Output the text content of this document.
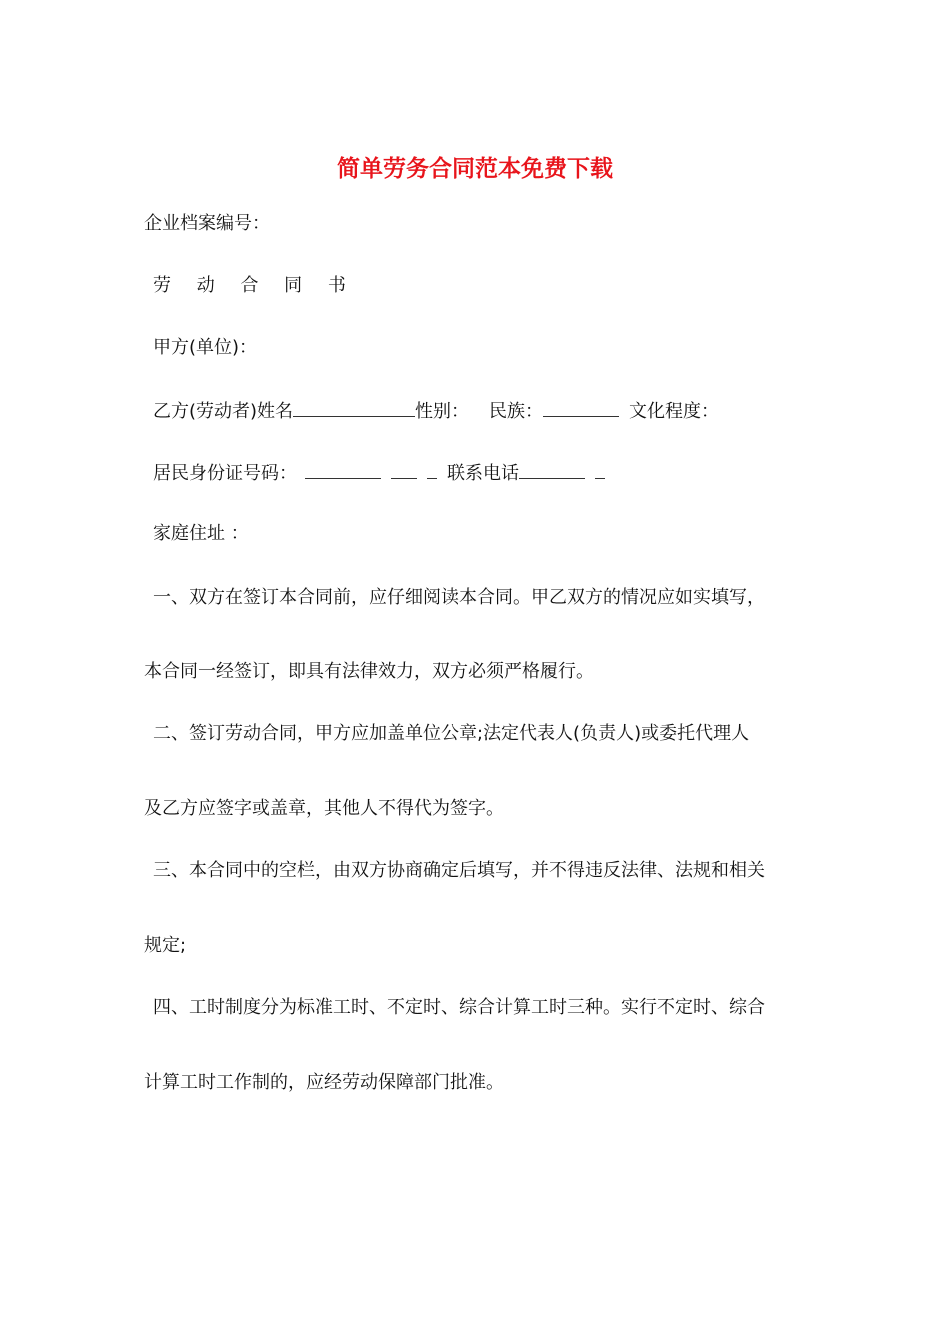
简单劳务合同范本免费下载
企业档案编号：
劳 动 合 同 书
甲方(单位)：
乙方(劳动者)姓名	性别： 民族：	文化程度：
居民身份证号码：	联系电话
家庭住址 ：
一、双方在签订本合同前，应仔细阅读本合同。甲乙双方的情况应如实填写，
本合同一经签订，即具有法律效力，双方必须严格履行。
二、签订劳动合同，甲方应加盖单位公章;法定代表人(负责人)或委托代理人
及乙方应签字或盖章，其他人不得代为签字。
三、本合同中的空栏，由双方协商确定后填写，并不得违反法律、法规和相关
规定;
四、工时制度分为标准工时、不定时、综合计算工时三种。实行不定时、综合
计算工时工作制的，应经劳动保障部门批准。
